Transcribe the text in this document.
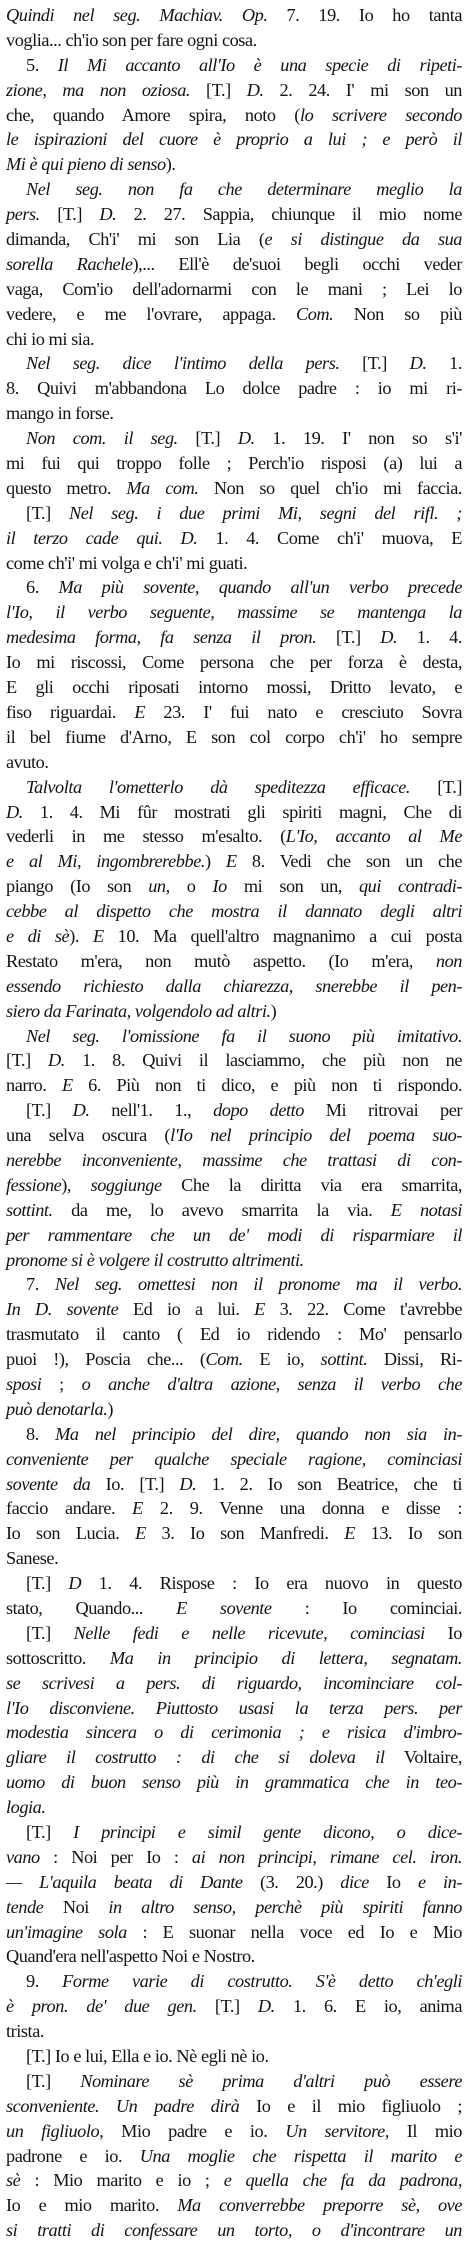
Quindi nel seg. Machiav. Op. 7. 19. Io ho tanta
voglia... ch'io son per fare ogni cosa.
5. Il Mi accanto all'Io è una specie di ripeti-
zione, ma non oziosa. [T.] D. 2. 24. I' mi son un
che, quando Amore spira, noto (lo scrivere secondo
le ispirazioni del cuore è proprio a lui ; e però il
Mi è qui pieno di senso).
Nel seg. non fa che determinare meglio la
pers. [T.] D. 2. 27. Sappia, chiunque il mio nome
dimanda, Ch'i' mi son Lia (e si distingue da sua
sorella Rachele),... Ell'è de'suoi begli occhi veder
vaga, Com'io dell'adornarmi con le mani ; Lei lo
vedere, e me l'ovrare, appaga. Com. Non so più
chi io mi sia.
Nel seg. dice l'intimo della pers. [T.] D. 1.
8. Quivi m'abbandona Lo dolce padre : io mi ri-
mango in forse.
Non com. il seg. [T.] D. 1. 19. I' non so s'i'
mi fui qui troppo folle ; Perch'io risposi (a) lui a
questo metro. Ma com. Non so quel ch'io mi faccia.
[T.] Nel seg. i due primi Mi, segni del rifl. ;
il terzo cade qui. D. 1. 4. Come ch'i' muova, E
come ch'i' mi volga e ch'i' mi guati.
6. Ma più sovente, quando all'un verbo precede
l'Io, il verbo seguente, massime se mantenga la
medesima forma, fa senza il pron. [T.] D. 1. 4.
Io mi riscossi, Come persona che per forza è desta,
E gli occhi riposati intorno mossi, Dritto levato, e
fiso riguardai. E 23. I' fui nato e cresciuto Sovra
il bel fiume d'Arno, E son col corpo ch'i' ho sempre
avuto.
Talvolta l'ometterlo dà speditezza efficace. [T.]
D. 1. 4. Mi fûr mostrati gli spiriti magni, Che di
vederli in me stesso m'esalto. (L'Io, accanto al Me
e al Mi, ingombrerebbe.) E 8. Vedi che son un che
piango (Io son un, o Io mi son un, qui contradi-
cebbe al dispetto che mostra il dannato degli altri
e di sè). E 10. Ma quell'altro magnanimo a cui posta
Restato m'era, non mutò aspetto. (Io m'era, non
essendo richiesto dalla chiarezza, snerebbe il pen-
siero da Farinata, volgendolo ad altri.)
Nel seg. l'omissione fa il suono più imitativo.
[T.] D. 1. 8. Quivi il lasciammo, che più non ne
narro. E 6. Più non ti dico, e più non ti rispondo.
[T.] D. nell'1. 1., dopo detto Mi ritrovai per
una selva oscura (l'Io nel principio del poema suo-
nerebbe inconveniente, massime che trattasi di con-
fessione), soggiunge Che la diritta via era smarrita,
sottint. da me, lo avevo smarrita la via. E notasi
per rammentare che un de' modi di risparmiare il
pronome si è volgere il costrutto altrimenti.
7. Nel seg. omettesi non il pronome ma il verbo.
In D. sovente Ed io a lui. E 3. 22. Come t'avrebbe
trasmutato il canto ( Ed io ridendo : Mo' pensarlo
puoi !), Poscia che... (Com. E io, sottint. Dissi, Ri-
sposi ; o anche d'altra azione, senza il verbo che
può denotarla.)
8. Ma nel principio del dire, quando non sia in-
conveniente per qualche speciale ragione, cominciasi
sovente da Io. [T.] D. 1. 2. Io son Beatrice, che ti
faccio andare. E 2. 9. Venne una donna e disse :
Io son Lucia. E 3. Io son Manfredi. E 13. Io son
Sanese.
[T.] D 1. 4. Rispose : Io era nuovo in questo
stato, Quando... E sovente : Io cominciai.
[T.] Nelle fedi e nelle ricevute, cominciasi Io
sottoscritto. Ma in principio di lettera, segnatam.
se scrivesi a pers. di riguardo, incominciare col-
l'Io disconviene. Piuttosto usasi la terza pers. per
modestia sincera o di cerimonia ; e risica d'imbro-
gliare il costrutto : di che si doleva il Voltaire,
uomo di buon senso più in grammatica che in teo-
logia.
[T.] I principi e simil gente dicono, o dice-
vano : Noi per Io : ai non principi, rimane cel. iron.
— L'aquila beata di Dante (3. 20.) dice Io e in-
tende Noi in altro senso, perchè più spiriti fanno
un'imagine sola : E suonar nella voce ed Io e Mio
Quand'era nell'aspetto Noi e Nostro.
9. Forme varie di costrutto. S'è detto ch'egli
è pron. de' due gen. [T.] D. 1. 6. E io, anima
trista.
[T.] Io e lui, Ella e io. Nè egli nè io.
[T.] Nominare sè prima d'altri può essere
sconveniente. Un padre dirà Io e il mio figliuolo ;
un figliuolo, Mio padre e io. Un servitore, Il mio
padrone e io. Una moglie che rispetta il marito e
sè : Mio marito e io ; e quella che fa da padrona,
Io e mio marito. Ma converrebbe preporre sè, ove
si tratti di confessare un torto, o d'incontrare un
